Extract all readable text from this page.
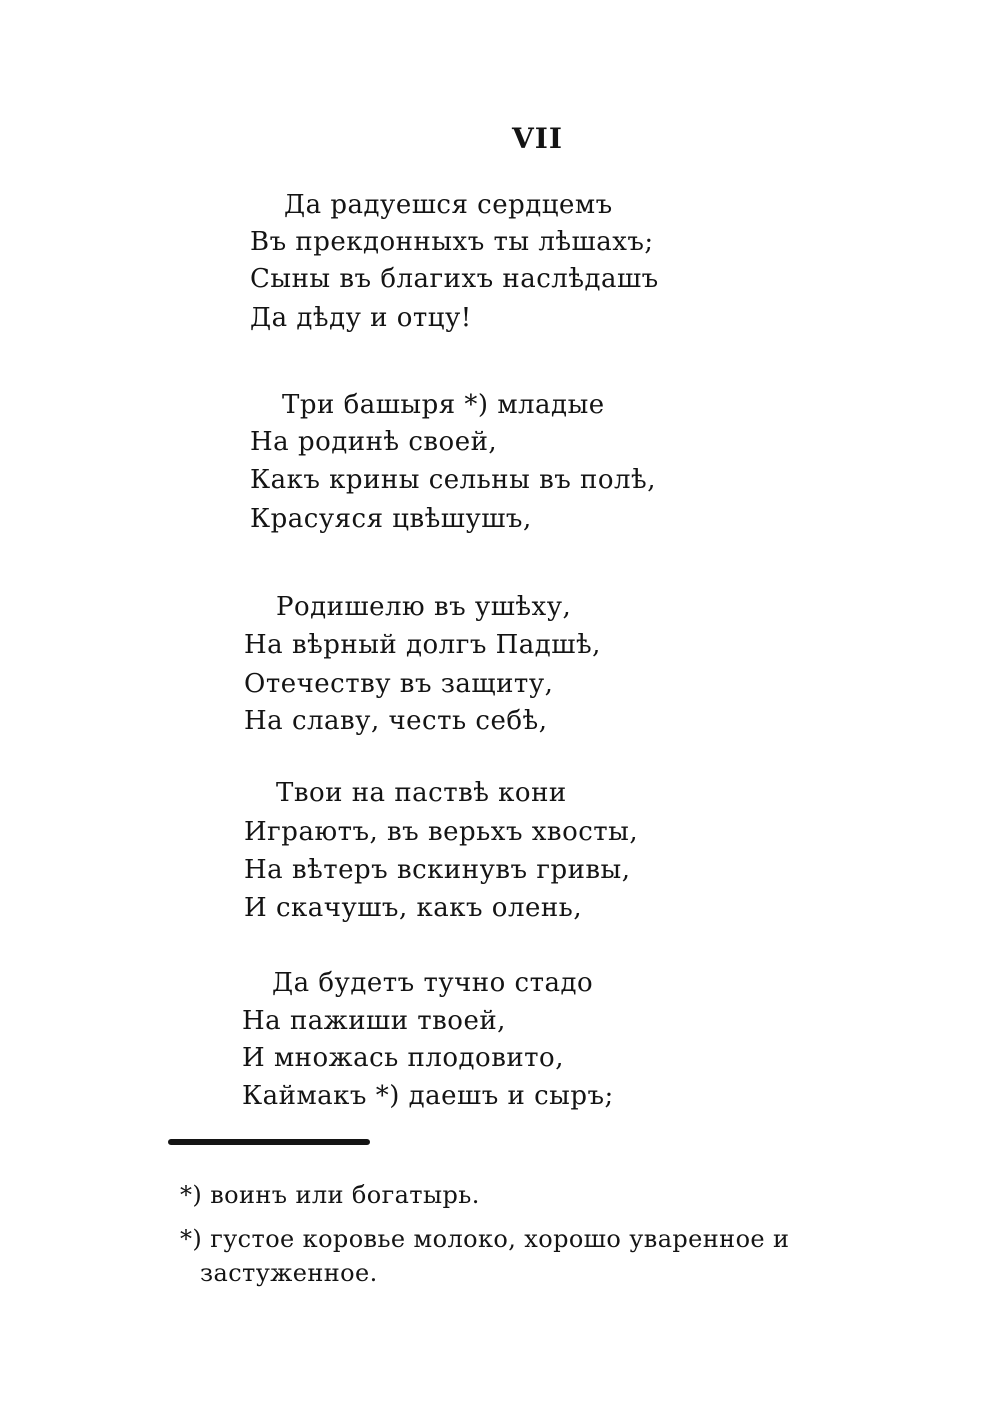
VII
Да радуешся сердцемъ
Въ прекдонныхъ ты лѣшахъ;
Сыны въ благихъ наслѣдашъ
Да дѣду и отцу!
Три башыря *) младые
На родинѣ своей,
Какъ крины сельны въ полѣ,
Красуяся цвѣшушъ,
Родишелю въ ушѣху,
На вѣрный долгъ Падшѣ,
Отечеству въ защиту,
На славу, честь себѣ,
Твои на паствѣ кони
Играютъ, въ верьхъ хвосты,
На вѣтеръ вскинувъ гривы,
И скачушъ, какъ олень,
Да будетъ тучно стадо
На пажиши твоей,
И множась плодовито,
Каймакъ *) даешъ и сыръ;
*) воинъ или богатырь.
*) густое коровье молоко, хорошо уваренное и
застуженное.
